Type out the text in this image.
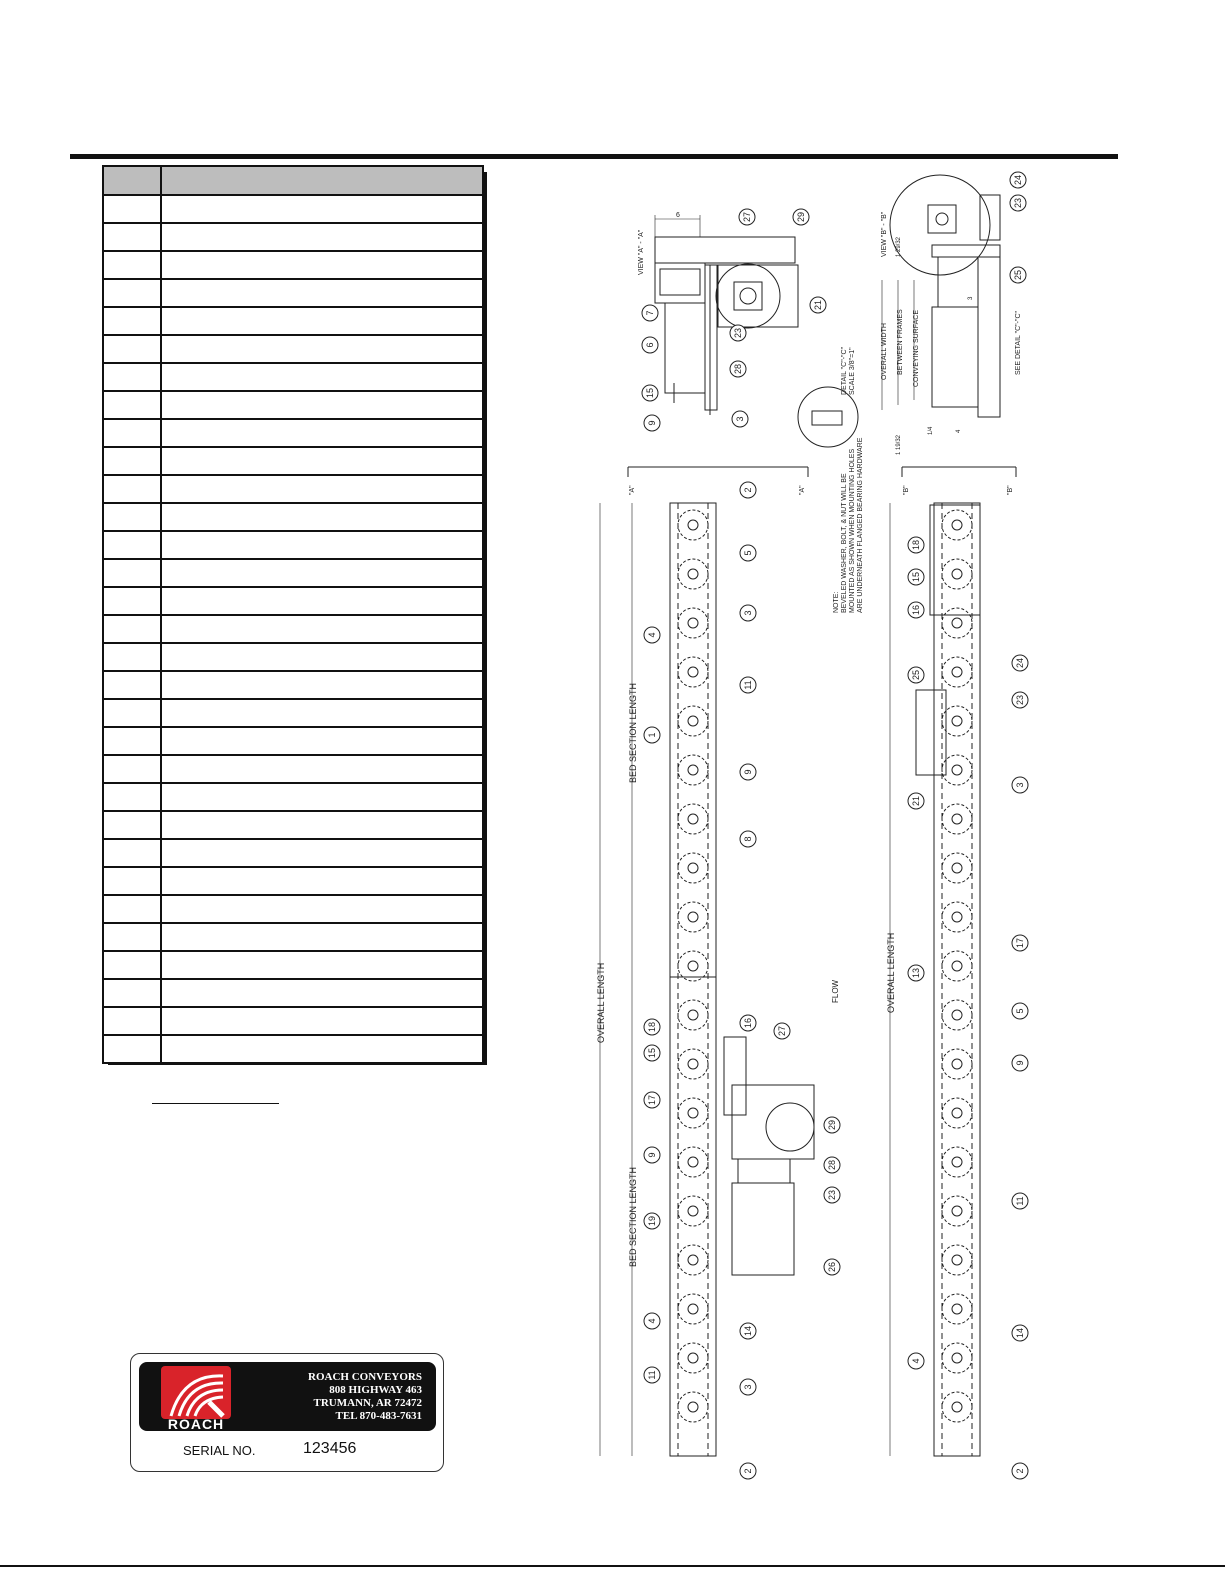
ROACH
ROACH CONVEYORS
808 HIGHWAY 463
TRUMANN, AR 72472
TEL 870-483-7631
SERIAL NO.	123456
6
VIEW "A" - "A"
DETAIL "C"-"C" SCALE 3/8"=1"	OVERALL WIDTH BETWEEN FRAMES CONVEYING SURFACE
VIEW "B" - "B" 1 29/32
1 19/32
1/4	4
3
SEE DETAIL "C"-"C"
NOTE: BEVELED WASHER, BOLT, & NUT WILL BE MOUNTED AS SHOWN WHEN MOUNTING HOLES ARE UNDERNEATH FLANGED BEARING HARDWARE
"A"	"A"
OVERALL LENGTH
BED SECTION LENGTH
BED SECTION LENGTH
FLOW
"B"	"B"
OVERALL LENGTH
27	29
24
23
25
7
6
23
21
28
15
9
3
2
5
3
4
11
1
9
8
18
15
16
27
17
29
9
28
23
19
26
4
14
11
3
2
18
15
16
24
23
25
21
3
17
13
5
9
11
4
14
2
